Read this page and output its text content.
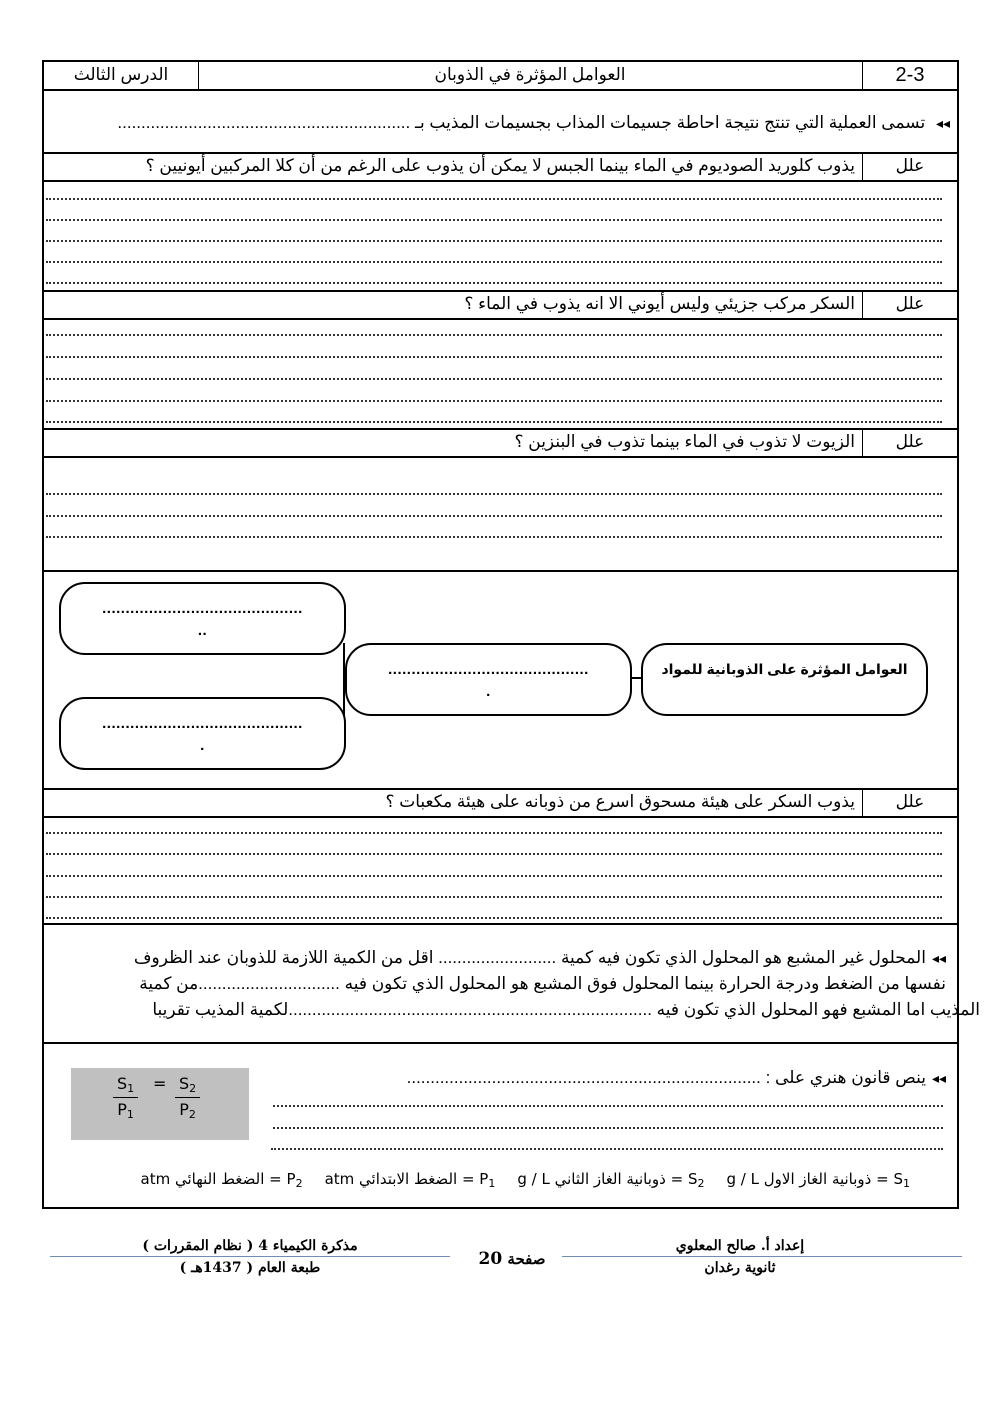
2-3
العوامل المؤثرة في الذوبان
الدرس الثالث
◂◂ تسمى العملية التي تنتج نتيجة احاطة جسيمات المذاب بجسيمات المذيب بـ ..............................................................
علل
يذوب كلوريد الصوديوم في الماء بينما الجبس لا يمكن أن يذوب على الرغم من أن كلا المركبين أيونيين ؟
علل
السكر مركب جزيئي وليس أيوني الا انه يذوب في الماء ؟
علل
الزيوت لا تذوب في الماء بينما تذوب في البنزين ؟
العوامل المؤثرة على الذوبانية للمواد
...........................................
.
...........................................
..
...........................................
.
علل
يذوب السكر على هيئة مسحوق اسرع من ذوبانه على هيئة مكعبات ؟
◂◂المحلول غير المشبع هو المحلول الذي تكون فيه كمية ......................... اقل من الكمية اللازمة للذوبان عند الظروف
نفسها من الضغط ودرجة الحرارة بينما المحلول فوق المشبع هو المحلول الذي تكون فيه ..............................من كمية
المذيب اما المشبع فهو المحلول الذي تكون فيه .............................................................................لكمية المذيب تقريبا
◂◂ينص قانون هنري على : ...........................................................................
$\frac{S_1}{P_1} = \frac{S_2}{P_2}$
$S_1$ = ذوبانية الغاز الاول g / L
$S_2$ = ذوبانية الغاز الثاني g / L
$P_1$ = الضغط الابتدائي atm
$P_2$ = الضغط النهائي atm
إعداد أ. صالح المعلوي
ثانوية رغدان
صفحة 20
مذكرة الكيمياء 4 ( نظام المقررات )
طبعة العام ( 1437هـ )
